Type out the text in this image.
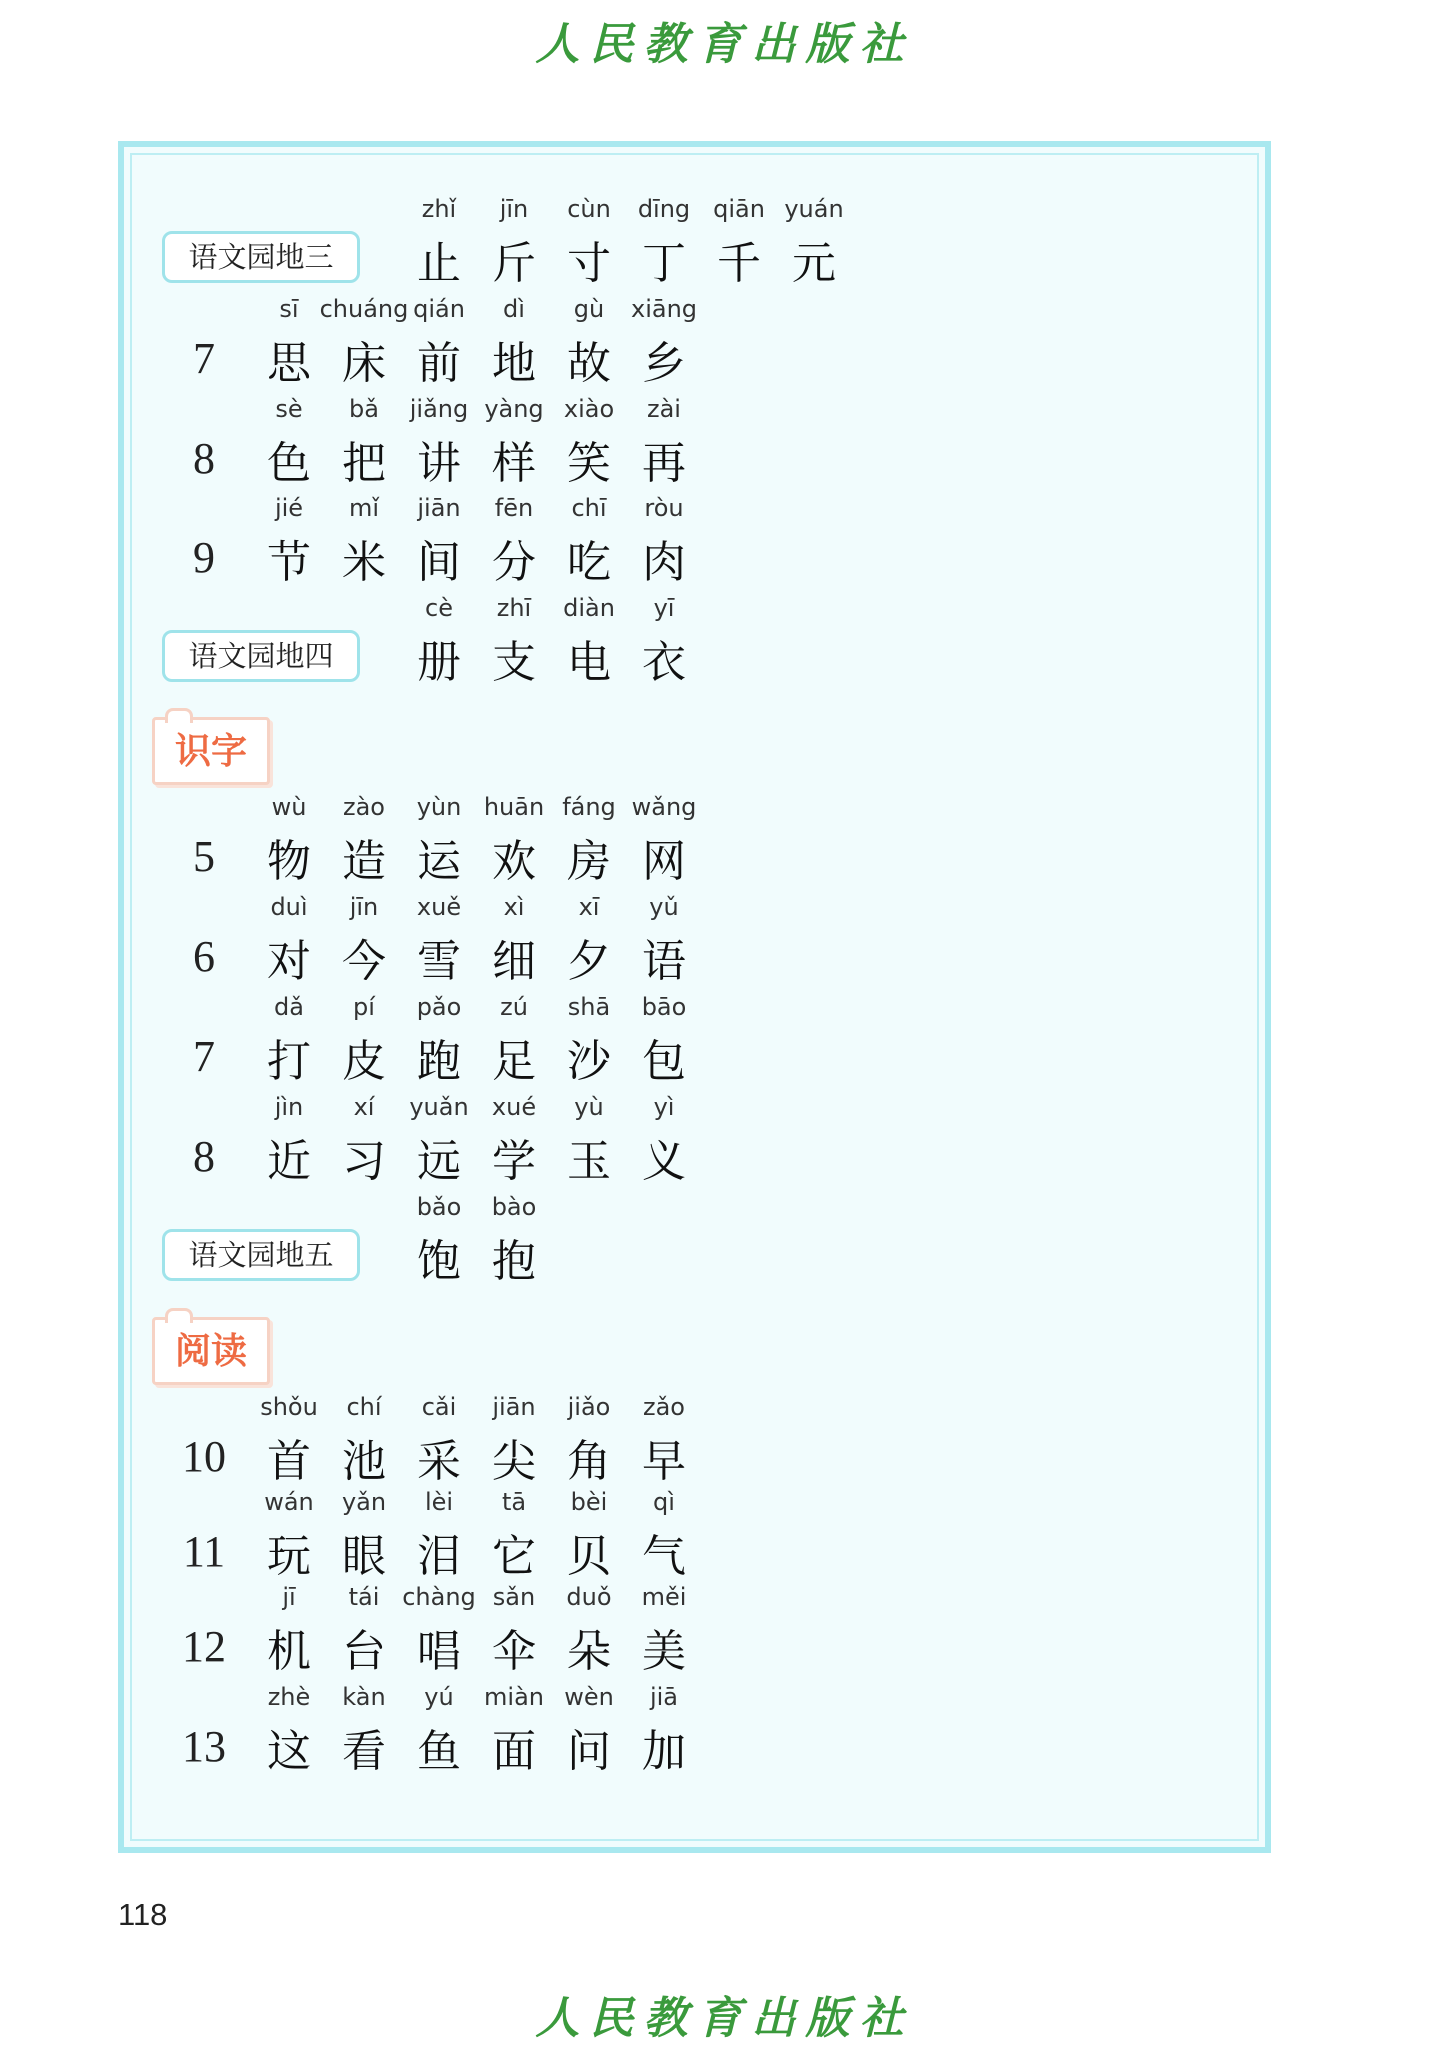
人民教育出版社
识字
阅读
语文园地三
zhǐ
止
jīn
斤
cùn
寸
dīng
丁
qiān
千
yuán
元
7
sī
思
chuáng
床
qián
前
dì
地
gù
故
xiāng
乡
8
sè
色
bǎ
把
jiǎng
讲
yàng
样
xiào
笑
zài
再
9
jié
节
mǐ
米
jiān
间
fēn
分
chī
吃
ròu
肉
语文园地四
cè
册
zhī
支
diàn
电
yī
衣
5
wù
物
zào
造
yùn
运
huān
欢
fáng
房
wǎng
网
6
duì
对
jīn
今
xuě
雪
xì
细
xī
夕
yǔ
语
7
dǎ
打
pí
皮
pǎo
跑
zú
足
shā
沙
bāo
包
8
jìn
近
xí
习
yuǎn
远
xué
学
yù
玉
yì
义
语文园地五
bǎo
饱
bào
抱
10
shǒu
首
chí
池
cǎi
采
jiān
尖
jiǎo
角
zǎo
早
11
wán
玩
yǎn
眼
lèi
泪
tā
它
bèi
贝
qì
气
12
jī
机
tái
台
chàng
唱
sǎn
伞
duǒ
朵
měi
美
13
zhè
这
kàn
看
yú
鱼
miàn
面
wèn
问
jiā
加
118
人民教育出版社
